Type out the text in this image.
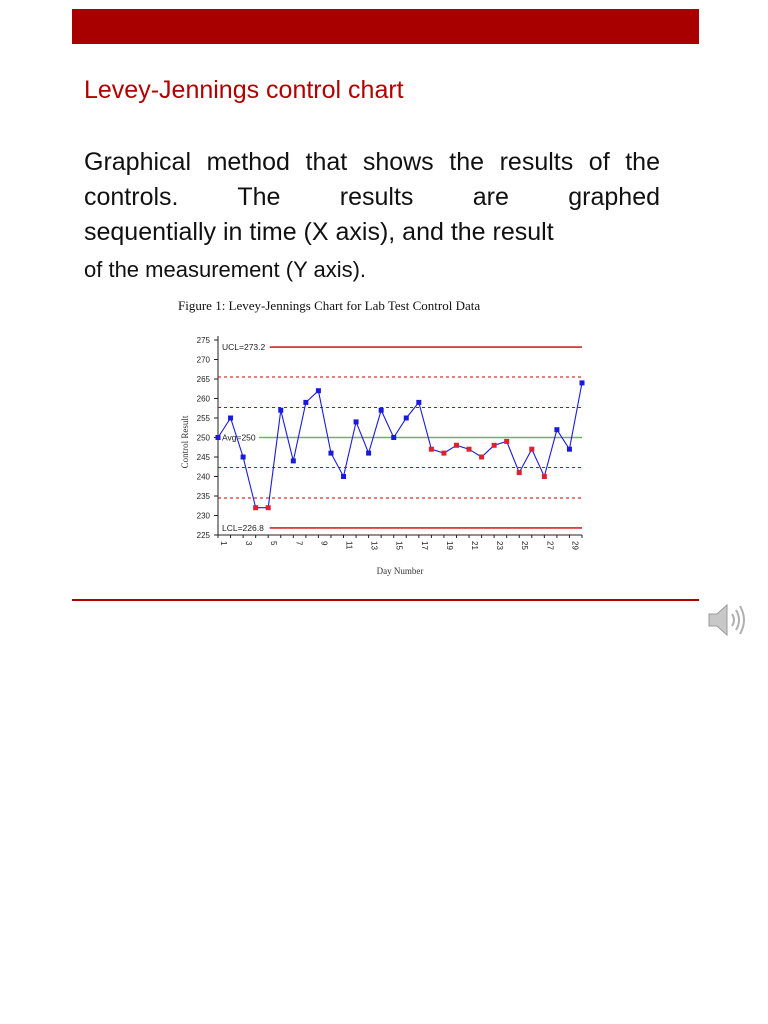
Levey-Jennings control chart
Graphical method that shows the results of the
controls. The results are graphed
sequentially in time (X axis), and the result
of the measurement (Y axis).
Figure 1: Levey-Jennings Chart for Lab Test Control Data
Control Result
Day Number
225
230
235
240
245
250
255
260
265
270
275
1 3 5 7 9 11 13 15 17 19 21 23 25 27 29
UCL=273.2
Avg=250
LCL=226.8
